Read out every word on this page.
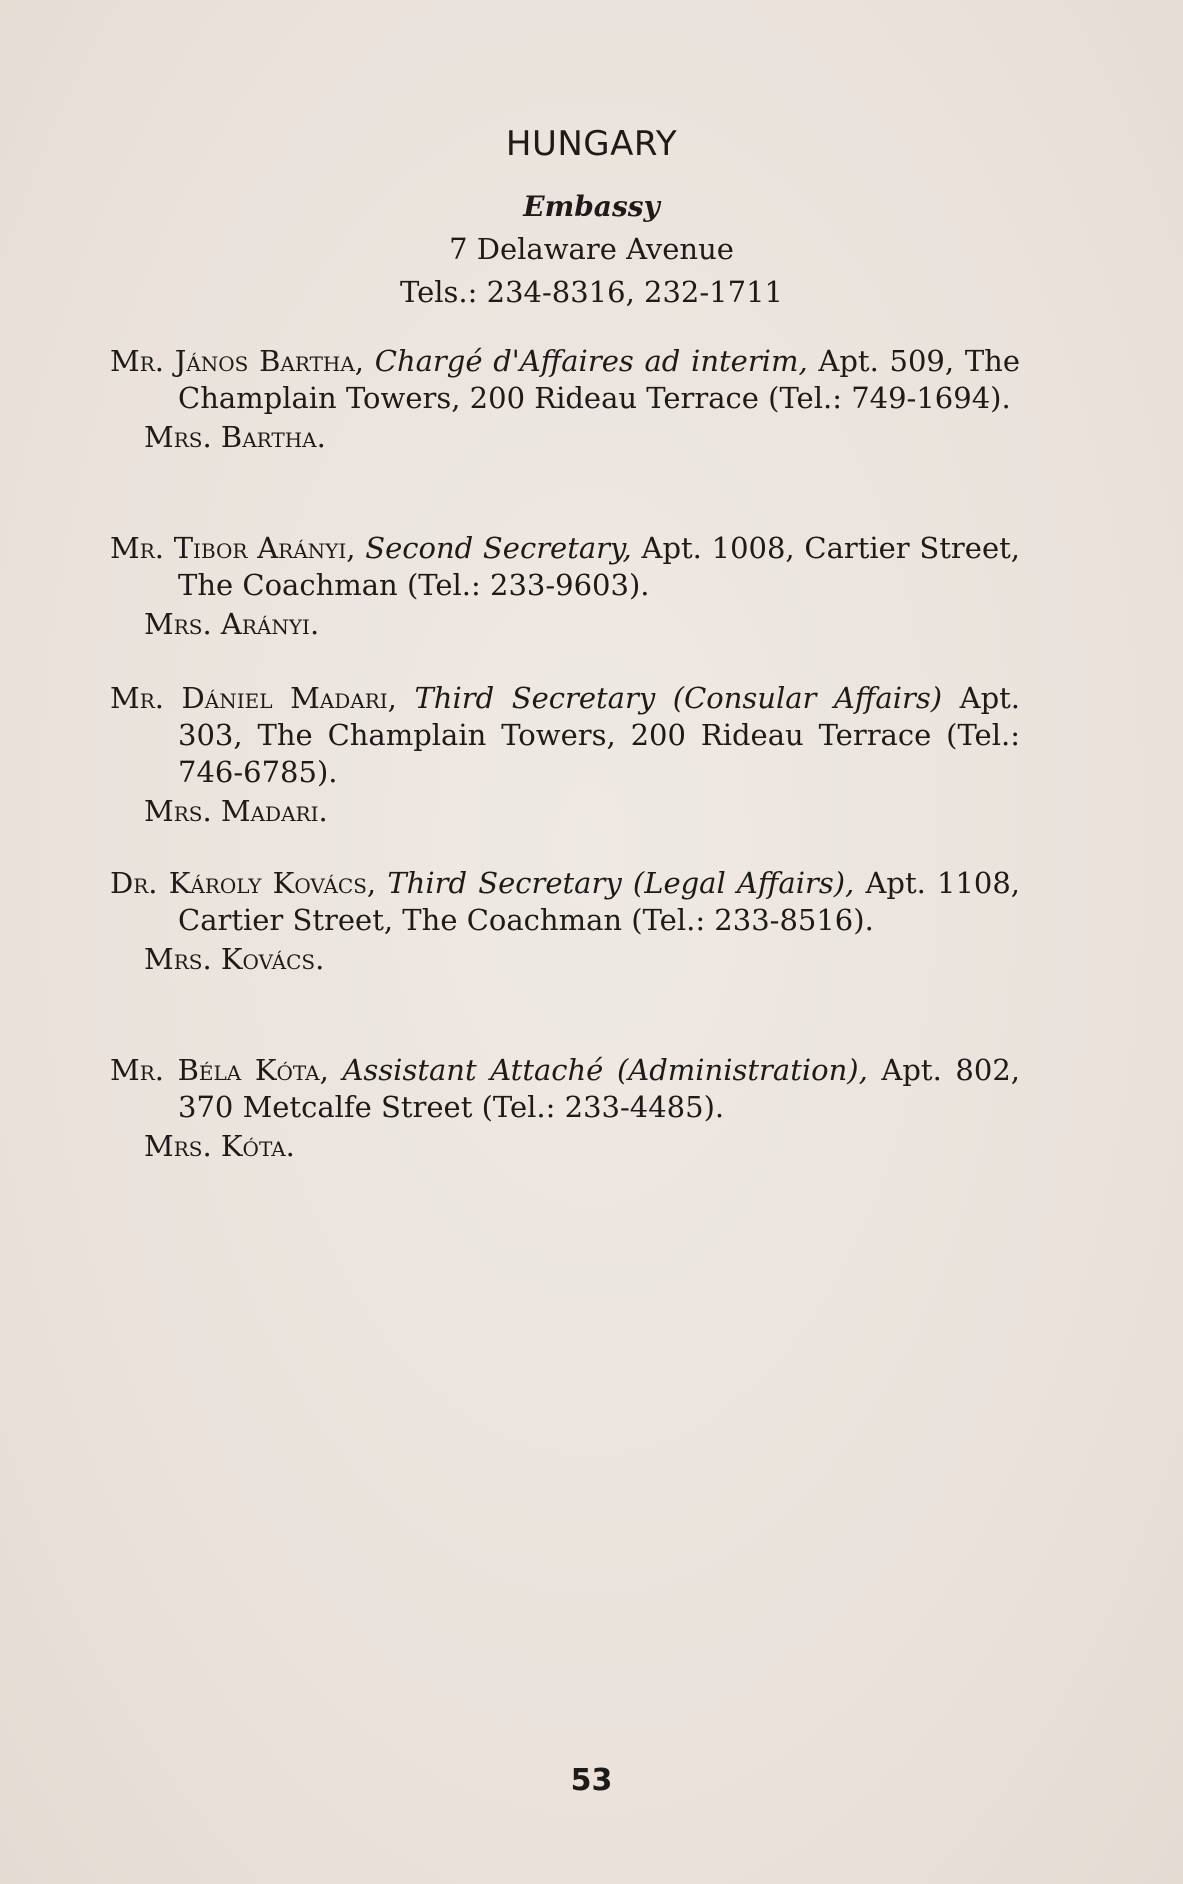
HUNGARY
Embassy
7 Delaware Avenue
Tels.: 234-8316, 232-1711
Mr. János Bartha, Chargé d'Affaires ad interim, Apt. 509, The Champlain Towers, 200 Rideau Terrace (Tel.: 749-1694).
Mrs. Bartha.
Mr. Tibor Arányi, Second Secretary, Apt. 1008, Cartier Street, The Coachman (Tel.: 233-9603).
Mrs. Arányi.
Mr. Dániel Madari, Third Secretary (Consular Affairs) Apt. 303, The Champlain Towers, 200 Rideau Terrace (Tel.: 746-6785).
Mrs. Madari.
Dr. Károly Kovács, Third Secretary (Legal Affairs), Apt. 1108, Cartier Street, The Coachman (Tel.: 233-8516).
Mrs. Kovács.
Mr. Béla Kóta, Assistant Attaché (Administration), Apt. 802, 370 Metcalfe Street (Tel.: 233-4485).
Mrs. Kóta.
53
